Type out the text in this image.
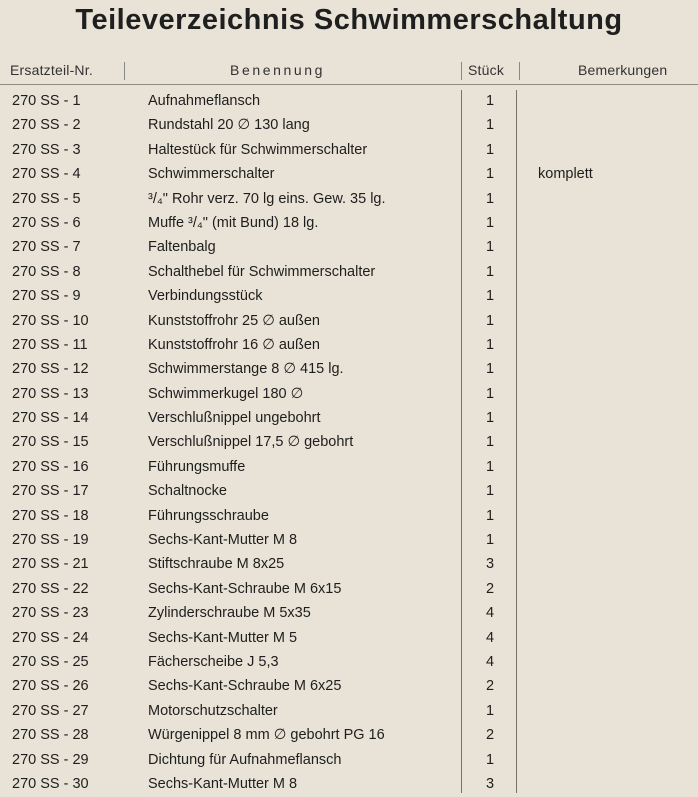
Teileverzeichnis Schwimmerschaltung
Ersatzteil-Nr.	Benennung	Stück	Bemerkungen
270 SS - 1	Aufnahmeflansch	1
270 SS - 2	Rundstahl 20 ∅ 130 lang	1
270 SS - 3	Haltestück für Schwimmerschalter	1
270 SS - 4	Schwimmerschalter	1	komplett
270 SS - 5	³/₄" Rohr verz. 70 lg eins. Gew. 35 lg.	1
270 SS - 6	Muffe ³/₄" (mit Bund) 18 lg.	1
270 SS - 7	Faltenbalg	1
270 SS - 8	Schalthebel für Schwimmerschalter	1
270 SS - 9	Verbindungsstück	1
270 SS - 10	Kunststoffrohr 25 ∅ außen	1
270 SS - 11	Kunststoffrohr 16 ∅ außen	1
270 SS - 12	Schwimmerstange 8 ∅ 415 lg.	1
270 SS - 13	Schwimmerkugel 180 ∅	1
270 SS - 14	Verschlußnippel ungebohrt	1
270 SS - 15	Verschlußnippel 17,5 ∅ gebohrt	1
270 SS - 16	Führungsmuffe	1
270 SS - 17	Schaltnocke	1
270 SS - 18	Führungsschraube	1
270 SS - 19	Sechs-Kant-Mutter M 8	1
270 SS - 21	Stiftschraube M 8x25	3
270 SS - 22	Sechs-Kant-Schraube M 6x15	2
270 SS - 23	Zylinderschraube M 5x35	4
270 SS - 24	Sechs-Kant-Mutter M 5	4
270 SS - 25	Fächerscheibe J 5,3	4
270 SS - 26	Sechs-Kant-Schraube M 6x25	2
270 SS - 27	Motorschutzschalter	1
270 SS - 28	Würgenippel 8 mm ∅ gebohrt PG 16	2
270 SS - 29	Dichtung für Aufnahmeflansch	1
270 SS - 30	Sechs-Kant-Mutter M 8	3
